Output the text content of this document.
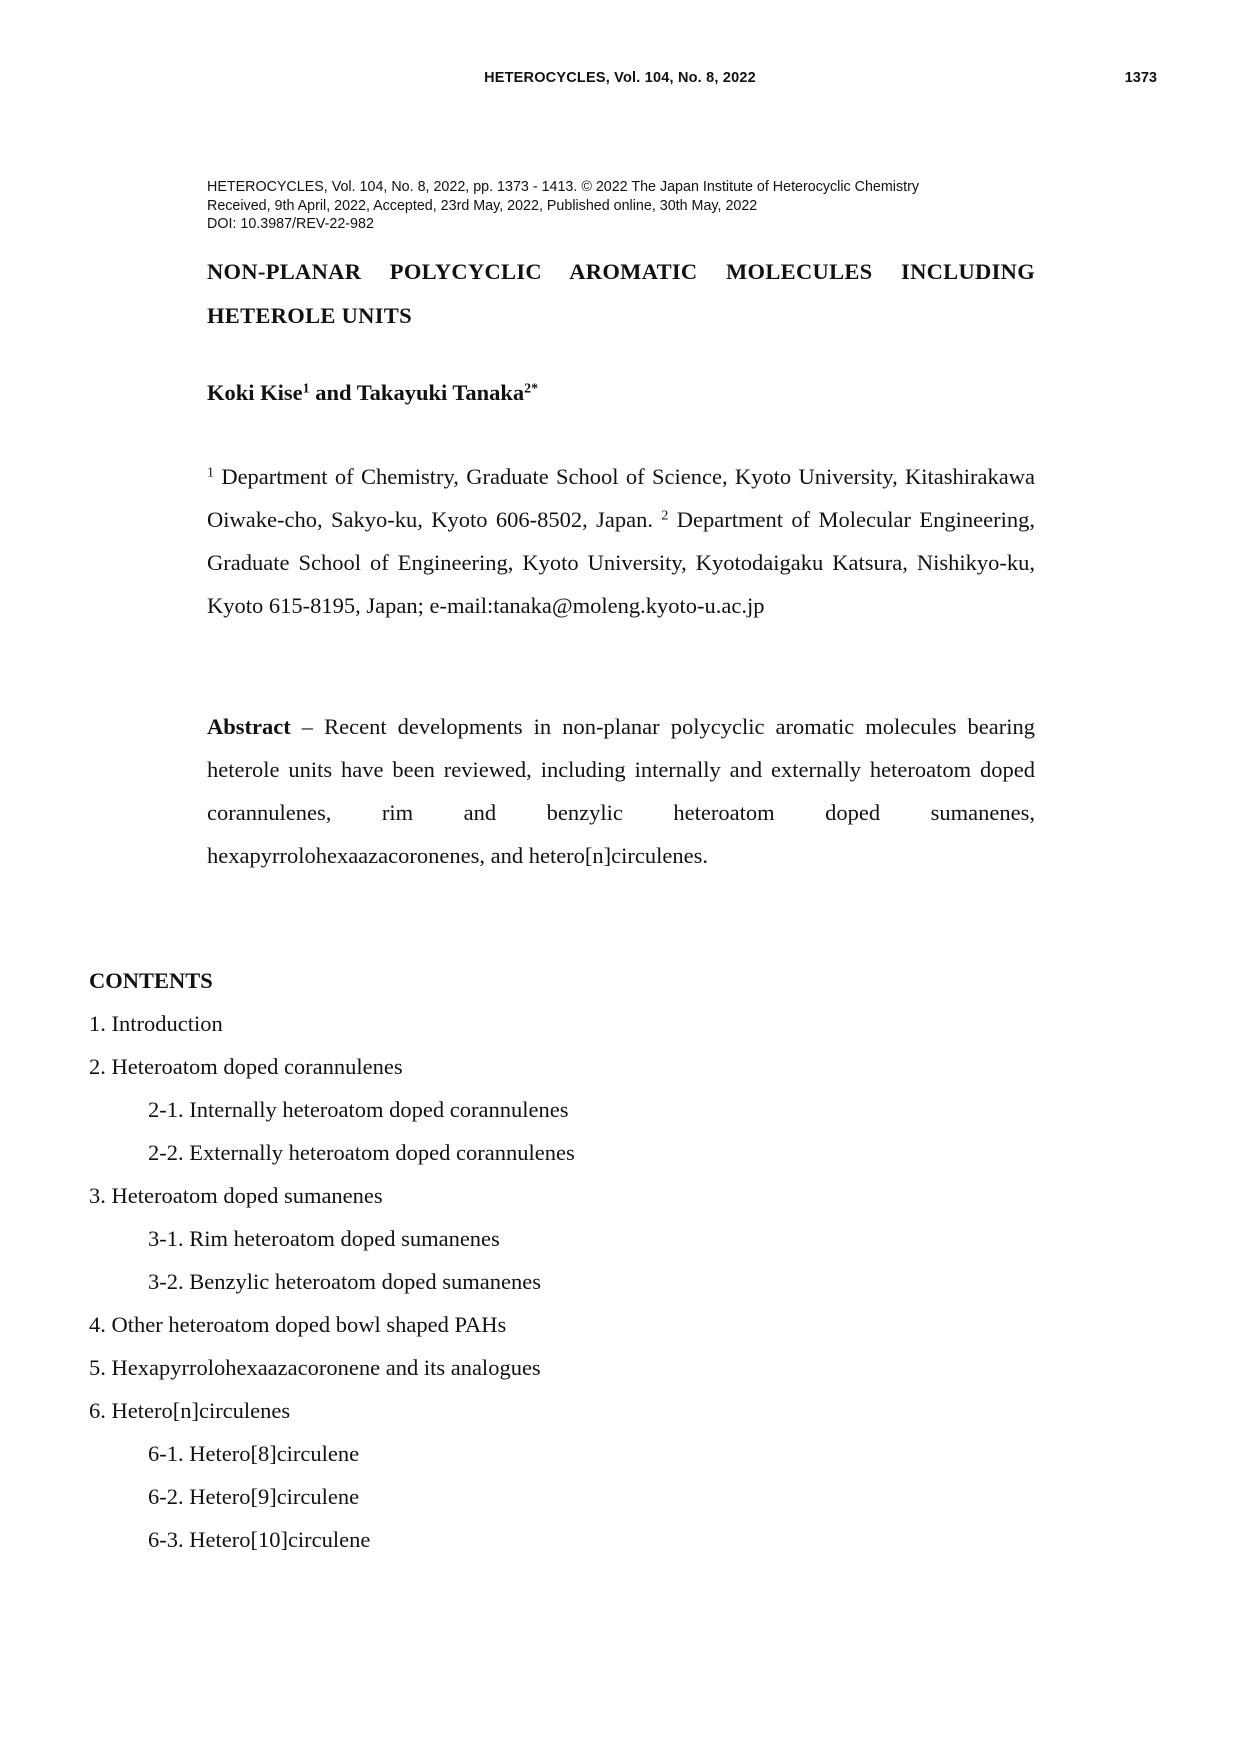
HETEROCYCLES, Vol. 104, No. 8, 2022	1373
HETEROCYCLES, Vol. 104, No. 8, 2022, pp. 1373 - 1413. © 2022 The Japan Institute of Heterocyclic Chemistry
Received, 9th April, 2022, Accepted, 23rd May, 2022, Published online, 30th May, 2022
DOI: 10.3987/REV-22-982
NON-PLANAR POLYCYCLIC AROMATIC MOLECULES INCLUDING HETEROLE UNITS
Koki Kise$^1$ and Takayuki Tanaka$^{2*}$
$^1$ Department of Chemistry, Graduate School of Science, Kyoto University, Kitashirakawa Oiwake-cho, Sakyo-ku, Kyoto 606-8502, Japan. $^2$ Department of Molecular Engineering, Graduate School of Engineering, Kyoto University, Kyotodaigaku Katsura, Nishikyo-ku, Kyoto 615-8195, Japan; e-mail:tanaka@moleng.kyoto-u.ac.jp
Abstract – Recent developments in non-planar polycyclic aromatic molecules bearing heterole units have been reviewed, including internally and externally heteroatom doped corannulenes, rim and benzylic heteroatom doped sumanenes, hexapyrrolohexaazacoronenes, and hetero[n]circulenes.
CONTENTS
1. Introduction
2. Heteroatom doped corannulenes
2-1. Internally heteroatom doped corannulenes
2-2. Externally heteroatom doped corannulenes
3. Heteroatom doped sumanenes
3-1. Rim heteroatom doped sumanenes
3-2. Benzylic heteroatom doped sumanenes
4. Other heteroatom doped bowl shaped PAHs
5. Hexapyrrolohexaazacoronene and its analogues
6. Hetero[n]circulenes
6-1. Hetero[8]circulene
6-2. Hetero[9]circulene
6-3. Hetero[10]circulene
